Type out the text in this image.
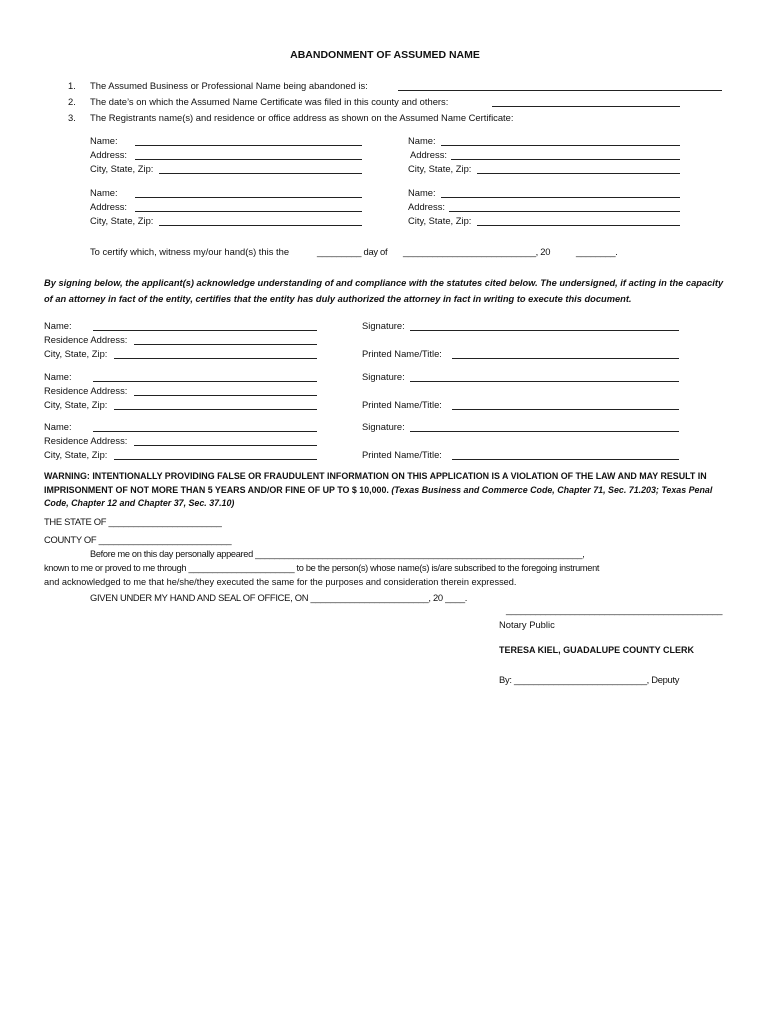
ABANDONMENT OF ASSUMED NAME
1. The Assumed Business or Professional Name being abandoned is:
2. The date’s on which the Assumed Name Certificate was filed in this county and others:
3. The Registrants name(s) and residence or office address as shown on the Assumed Name Certificate:
Name:
Address:
City, State, Zip:
Name:
Address:
City, State, Zip:
Name:
Address:
City, State, Zip:
Name:
Address:
City, State, Zip:
To certify which, witness my/our hand(s) this the	_________ day of ___________________________, 20	________.
By signing below, the applicant(s) acknowledge understanding of and compliance with the statutes cited below. The undersigned, if acting in the capacity of an attorney in fact of the entity, certifies that the entity has duly authorized the attorney in fact in writing to execute this document.
Name:
Residence Address:
City, State, Zip:
Signature:
Printed Name/Title:
Name:
Residence Address:
City, State, Zip:
Signature:
Printed Name/Title:
Name:
Residence Address:
City, State, Zip:
Signature:
Printed Name/Title:
WARNING: INTENTIONALLY PROVIDING FALSE OR FRAUDULENT INFORMATION ON THIS APPLICATION IS A VIOLATION OF THE LAW AND MAY RESULT IN IMPRISONMENT OF NOT MORE THAN 5 YEARS AND/OR FINE OF UP TO $ 10,000. (Texas Business and Commerce Code, Chapter 71, Sec. 71.203; Texas Penal Code, Chapter 12 and Chapter 37, Sec. 37.10)
THE STATE OF _______________________
COUNTY OF ___________________________
Before me on this day personally appeared ____________________________________________________________________,
known to me or proved to me through ______________________ to be the person(s) whose name(s) is/are subscribed to the foregoing instrument
and acknowledged to me that he/she/they executed the same for the purposes and consideration therein expressed.
GIVEN UNDER MY HAND AND SEAL OF OFFICE, ON ________________________, 20 ____.
____________________________________________
Notary Public
TERESA KIEL, GUADALUPE COUNTY CLERK
By: ___________________________, Deputy
